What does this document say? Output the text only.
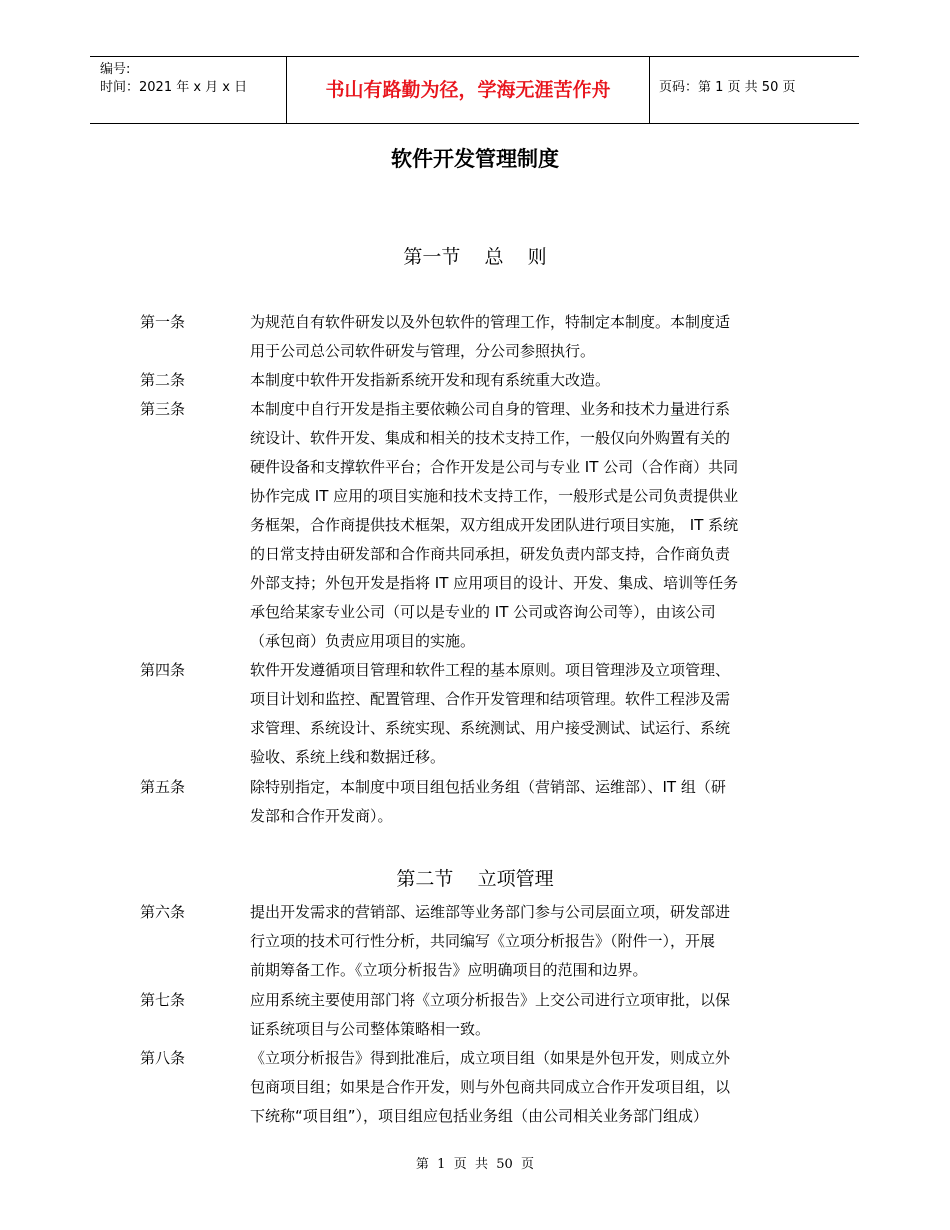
编号:
时间：2021 年 x 月 x 日	书山有路勤为径，学海无涯苦作舟	页码：第 1 页 共 50 页
软件开发管理制度
第一节    总    则
第一条	为规范自有软件研发以及外包软件的管理工作，特制定本制度。本制度适
用于公司总公司软件研发与管理，分公司参照执行。
第二条	本制度中软件开发指新系统开发和现有系统重大改造。
第三条	本制度中自行开发是指主要依赖公司自身的管理、业务和技术力量进行系
统设计、软件开发、集成和相关的技术支持工作，一般仅向外购置有关的
硬件设备和支撑软件平台；合作开发是公司与专业 IT 公司（合作商）共同
协作完成 IT 应用的项目实施和技术支持工作，一般形式是公司负责提供业
务框架，合作商提供技术框架，双方组成开发团队进行项目实施， IT 系统
的日常支持由研发部和合作商共同承担，研发负责内部支持，合作商负责
外部支持；外包开发是指将 IT 应用项目的设计、开发、集成、培训等任务
承包给某家专业公司（可以是专业的 IT 公司或咨询公司等），由该公司
（承包商）负责应用项目的实施。
第四条	软件开发遵循项目管理和软件工程的基本原则。项目管理涉及立项管理、
项目计划和监控、配置管理、合作开发管理和结项管理。软件工程涉及需
求管理、系统设计、系统实现、系统测试、用户接受测试、试运行、系统
验收、系统上线和数据迁移。
第五条	除特别指定，本制度中项目组包括业务组（营销部、运维部）、IT 组（研
发部和合作开发商）。
第二节    立项管理
第六条	提出开发需求的营销部、运维部等业务部门参与公司层面立项，研发部进
行立项的技术可行性分析，共同编写《立项分析报告》（附件一），开展
前期筹备工作。《立项分析报告》应明确项目的范围和边界。
第七条	应用系统主要使用部门将《立项分析报告》上交公司进行立项审批，以保
证系统项目与公司整体策略相一致。
第八条	《立项分析报告》得到批准后，成立项目组（如果是外包开发，则成立外
包商项目组；如果是合作开发，则与外包商共同成立合作开发项目组，以
下统称“项目组”），项目组应包括业务组（由公司相关业务部门组成）
第  1  页  共  50  页
